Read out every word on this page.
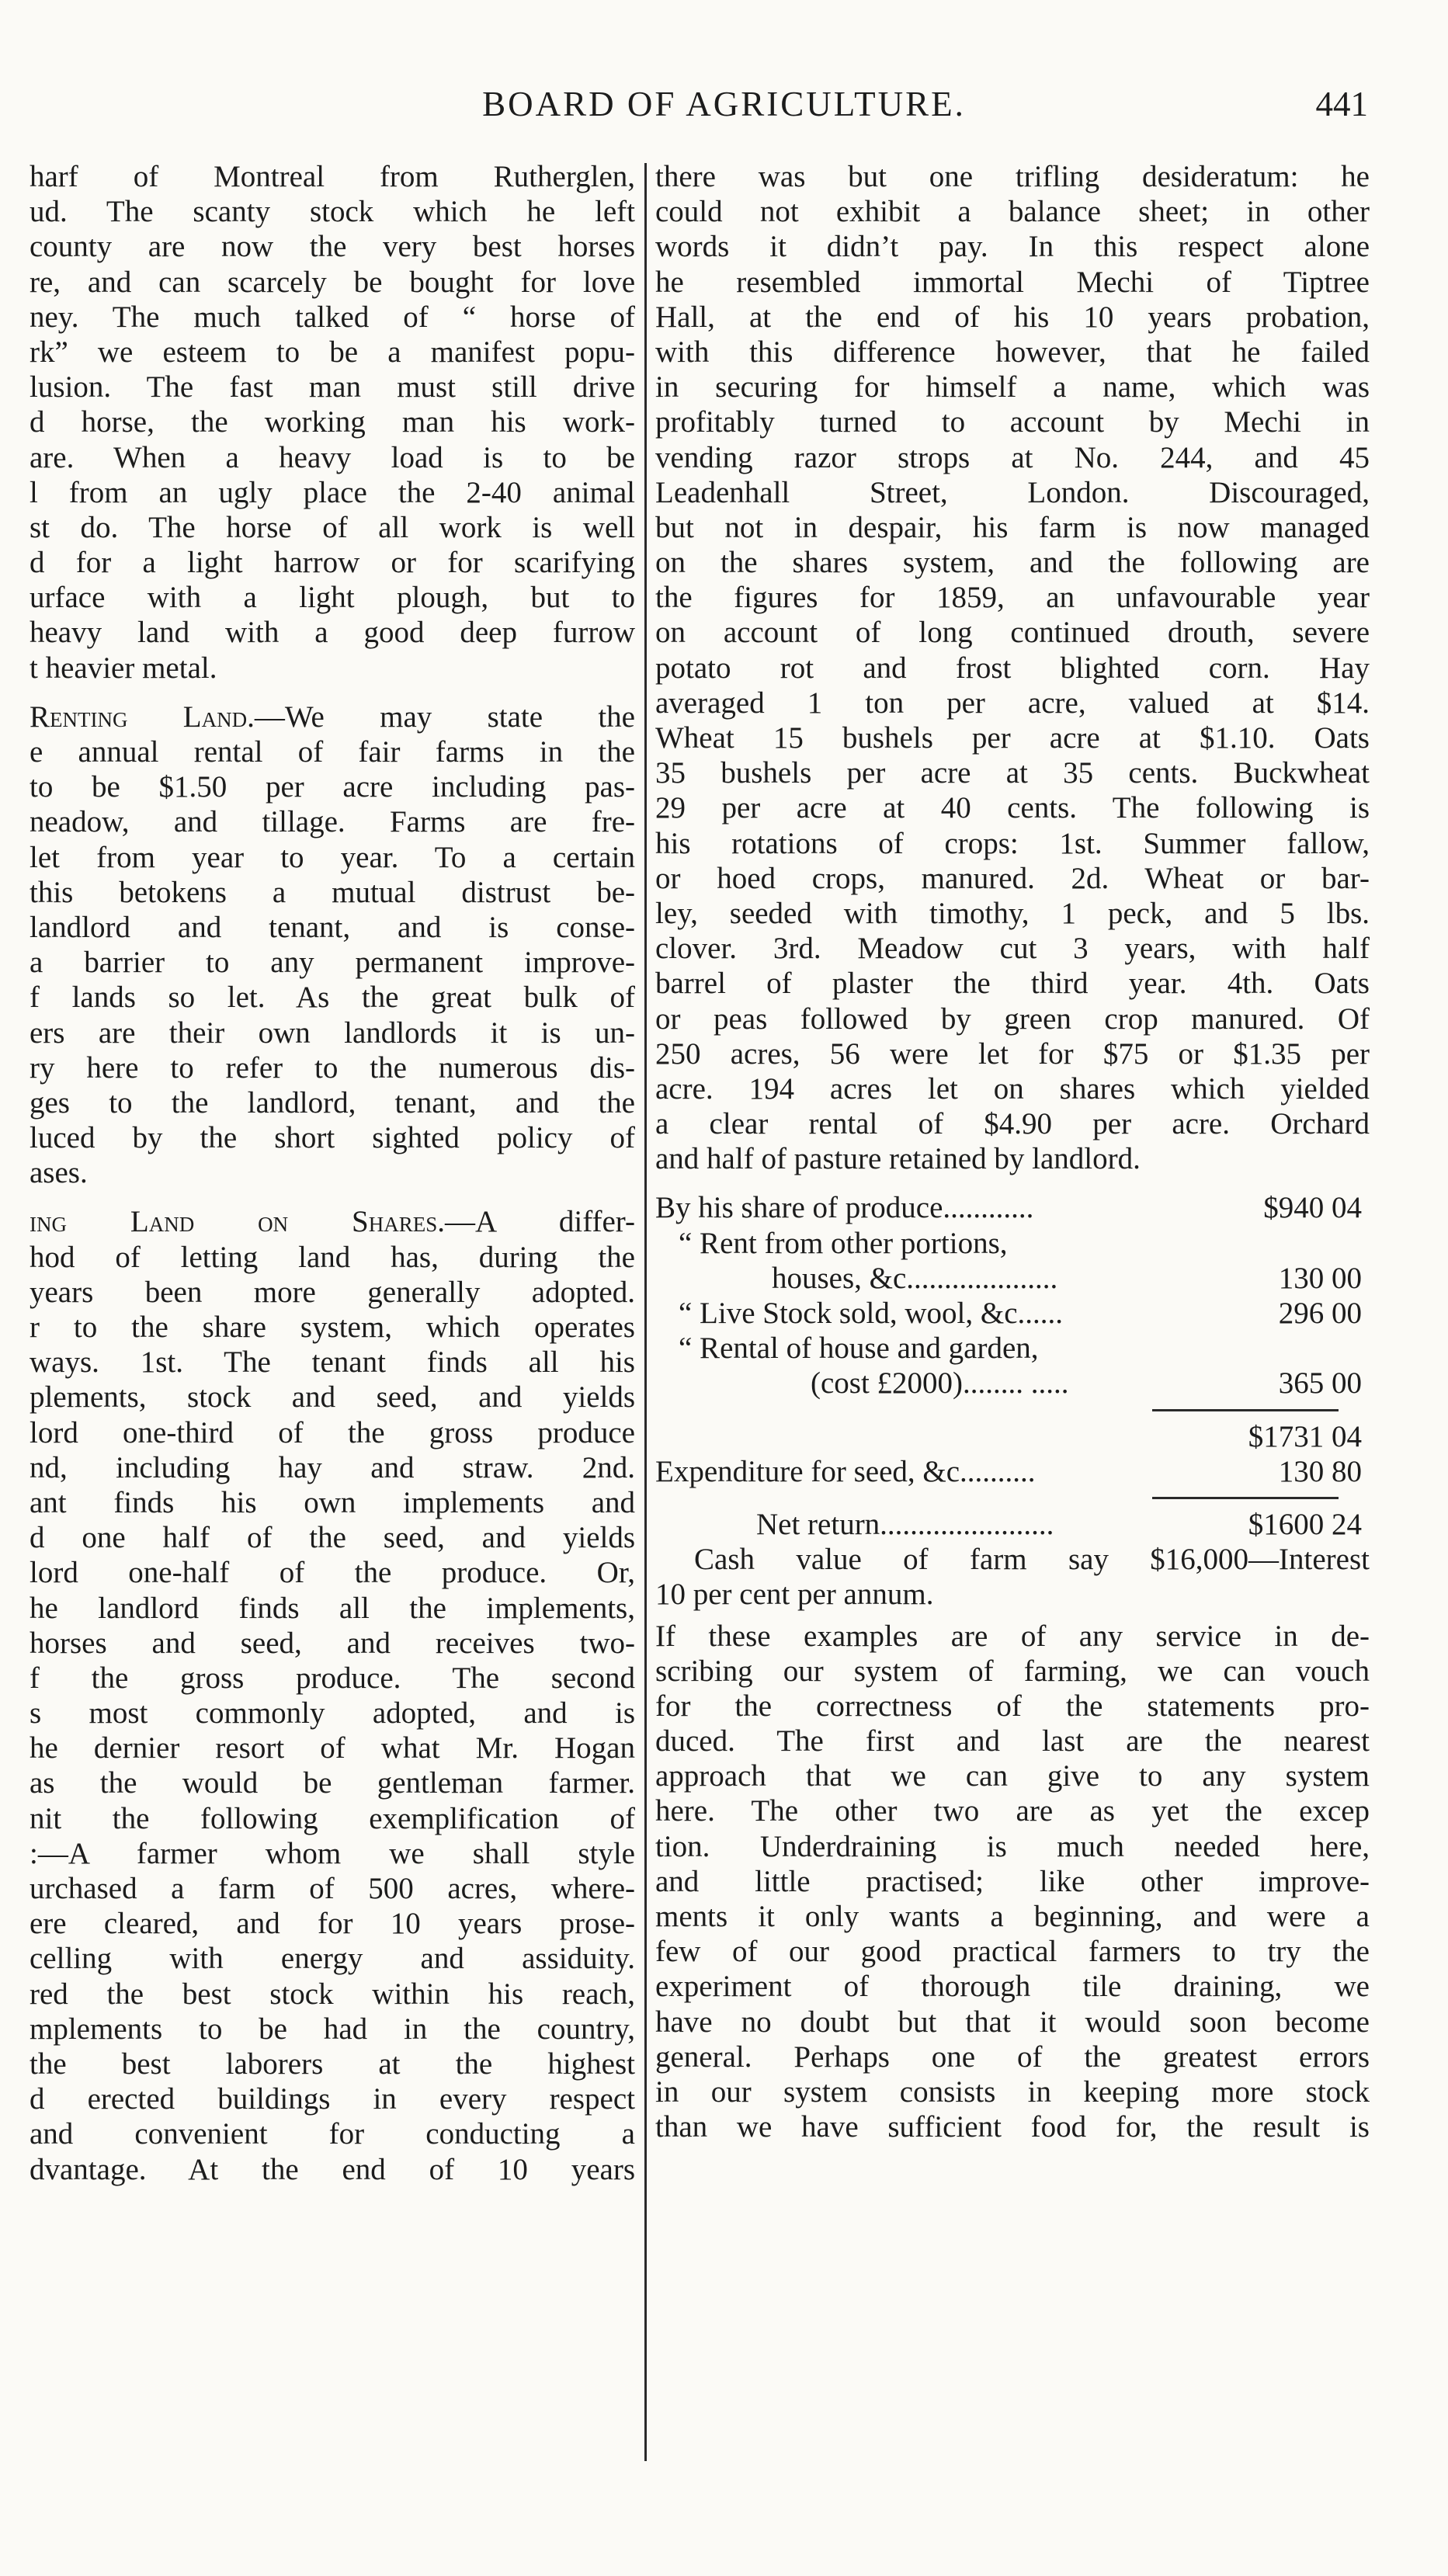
BOARD OF AGRICULTURE.	441
harf of Montreal from Rutherglen,
ud. The scanty stock which he left
county are now the very best horses
re, and can scarcely be bought for love
ney. The much talked of “ horse of
rk” we esteem to be a manifest popu-
lusion. The fast man must still drive
d horse, the working man his work-
are. When a heavy load is to be
l from an ugly place the 2-40 animal
st do. The horse of all work is well
d for a light harrow or for scarifying
urface with a light plough, but to
heavy land with a good deep furrow
t heavier metal.
Renting Land.—We may state the
e annual rental of fair farms in the
to be $1.50 per acre including pas-
neadow, and tillage. Farms are fre-
let from year to year. To a certain
this betokens a mutual distrust be-
landlord and tenant, and is conse-
a barrier to any permanent improve-
f lands so let. As the great bulk of
ers are their own landlords it is un-
ry here to refer to the numerous dis-
ges to the landlord, tenant, and the
luced by the short sighted policy of
ases.
ing Land on Shares.—A differ-
hod of letting land has, during the
years been more generally adopted.
r to the share system, which operates
ways. 1st. The tenant finds all his
plements, stock and seed, and yields
lord one-third of the gross produce
nd, including hay and straw. 2nd.
ant finds his own implements and
d one half of the seed, and yields
lord one-half of the produce. Or,
he landlord finds all the implements,
horses and seed, and receives two-
f the gross produce. The second
s most commonly adopted, and is
he dernier resort of what Mr. Hogan
as the would be gentleman farmer.
nit the following exemplification of
:—A farmer whom we shall style
urchased a farm of 500 acres, where-
ere cleared, and for 10 years prose-
celling with energy and assiduity.
red the best stock within his reach,
mplements to be had in the country,
the best laborers at the highest
d erected buildings in every respect
and convenient for conducting a
dvantage. At the end of 10 years
there was but one trifling desideratum: he
could not exhibit a balance sheet; in other
words it didn’t pay. In this respect alone
he resembled immortal Mechi of Tiptree
Hall, at the end of his 10 years probation,
with this difference however, that he failed
in securing for himself a name, which was
profitably turned to account by Mechi in
vending razor strops at No. 244, and 45
Leadenhall Street, London. Discouraged,
but not in despair, his farm is now managed
on the shares system, and the following are
the figures for 1859, an unfavourable year
on account of long continued drouth, severe
potato rot and frost blighted corn. Hay
averaged 1 ton per acre, valued at $14.
Wheat 15 bushels per acre at $1.10. Oats
35 bushels per acre at 35 cents. Buckwheat
29 per acre at 40 cents. The following is
his rotations of crops: 1st. Summer fallow,
or hoed crops, manured. 2d. Wheat or bar-
ley, seeded with timothy, 1 peck, and 5 lbs.
clover. 3rd. Meadow cut 3 years, with half
barrel of plaster the third year. 4th. Oats
or peas followed by green crop manured. Of
250 acres, 56 were let for $75 or $1.35 per
acre. 194 acres let on shares which yielded
a clear rental of $4.90 per acre. Orchard
and half of pasture retained by landlord.
By his share of produce............	$940 04
“ Rent from other portions,
houses, &c....................	130 00
“ Live Stock sold, wool, &c......	296 00
“ Rental of house and garden,
(cost £2000)........ .....	365 00
$1731 04
Expenditure for seed, &c..........	130 80
Net return.......................	$1600 24
Cash value of farm say $16,000—Interest
10 per cent per annum.
If these examples are of any service in de-
scribing our system of farming, we can vouch
for the correctness of the statements pro-
duced. The first and last are the nearest
approach that we can give to any system
here. The other two are as yet the excep
tion. Underdraining is much needed here,
and little practised; like other improve-
ments it only wants a beginning, and were a
few of our good practical farmers to try the
experiment of thorough tile draining, we
have no doubt but that it would soon become
general. Perhaps one of the greatest errors
in our system consists in keeping more stock
than we have sufficient food for, the result is
